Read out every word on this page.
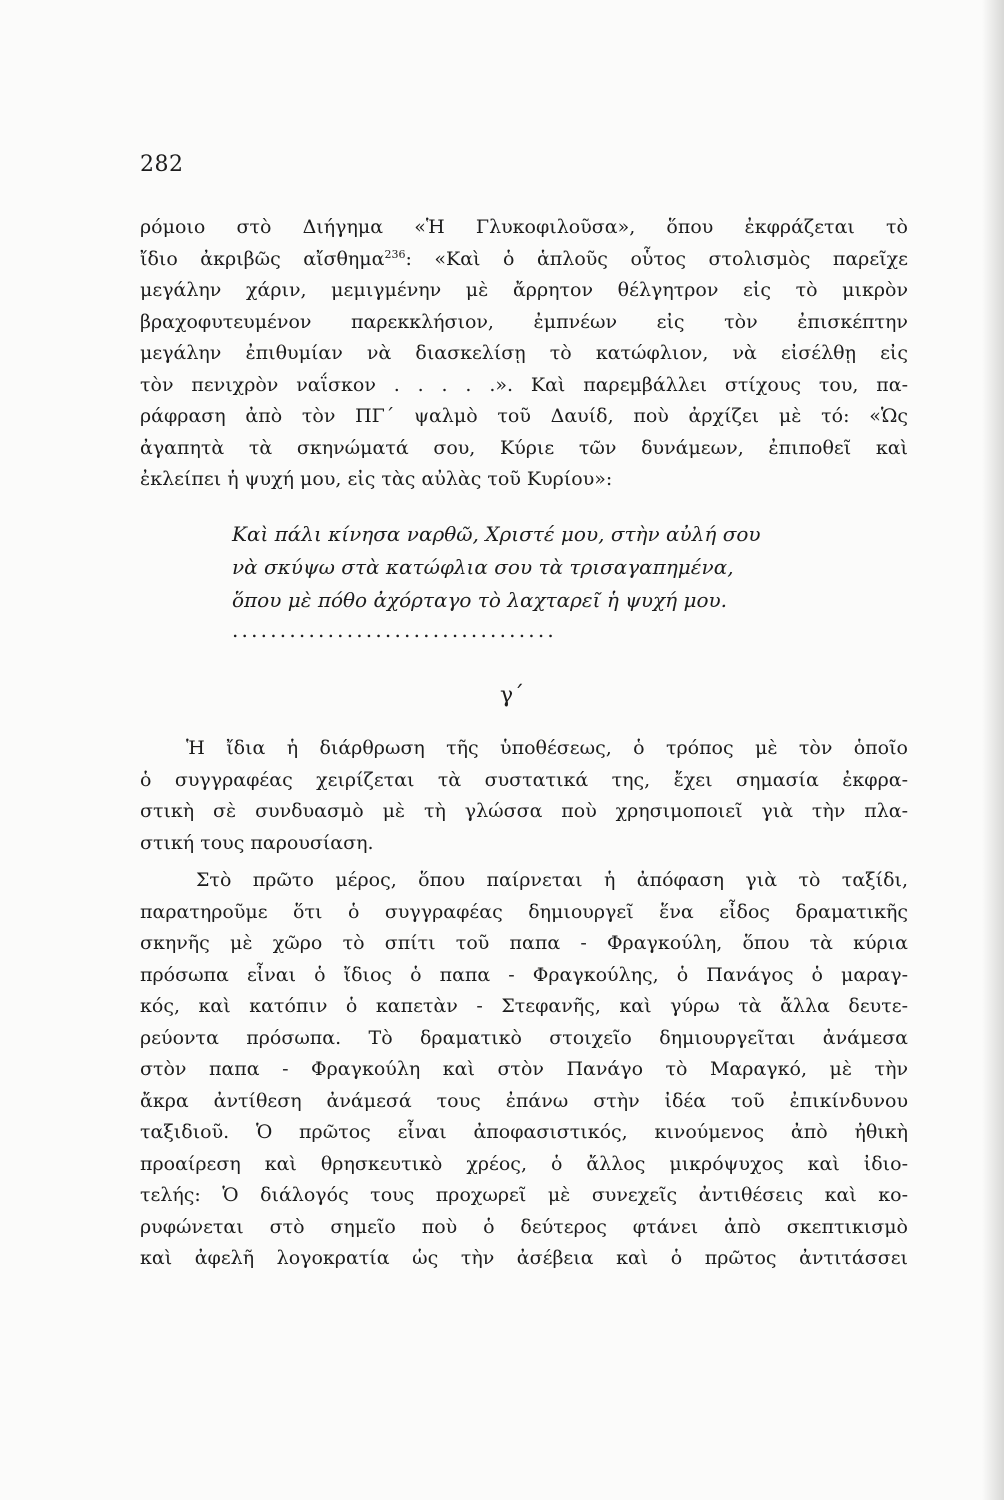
282
ρόμοιο στὸ Διήγημα «Ἡ Γλυκοφιλοῦσα», ὅπου ἐκφράζεται τὸ
ἴδιο ἀκριβῶς αἴσθημα$^{236}$: «Καὶ ὁ ἁπλοῦς οὗτος στολισμὸς παρεῖχε
μεγάλην χάριν, μεμιγμένην μὲ ἄρρητον θέλγητρον εἰς τὸ μικρὸν
βραχοφυτευμένον παρεκκλήσιον, ἐμπνέων εἰς τὸν ἐπισκέπτην
μεγάλην ἐπιθυμίαν νὰ διασκελίσῃ τὸ κατώφλιον, νὰ εἰσέλθῃ εἰς
τὸν πενιχρὸν ναΐσκον . . . . .». Καὶ παρεμβάλλει στίχους του, πα-
ράφραση ἀπὸ τὸν ΠΓ΄ ψαλμὸ τοῦ Δαυίδ, ποὺ ἀρχίζει μὲ τό: «Ὡς
ἀγαπητὰ τὰ σκηνώματά σου, Κύριε τῶν δυνάμεων, ἐπιποθεῖ καὶ
ἐκλείπει ἡ ψυχή μου, εἰς τὰς αὐλὰς τοῦ Κυρίου»:
Καὶ πάλι κίνησα ναρθῶ, Χριστέ μου, στὴν αὐλή σου
νὰ σκύψω στὰ κατώφλια σου τὰ τρισαγαπημένα,
ὅπου μὲ πόθο ἀχόρταγο τὸ λαχταρεῖ ἡ ψυχή μου.
..................................
γ΄
Ἡ ἴδια ἡ διάρθρωση τῆς ὑποθέσεως, ὁ τρόπος μὲ τὸν ὁποῖο
ὁ συγγραφέας χειρίζεται τὰ συστατικά της, ἔχει σημασία ἐκφρα-
στικὴ σὲ συνδυασμὸ μὲ τὴ γλώσσα ποὺ χρησιμοποιεῖ γιὰ τὴν πλα-
στική τους παρουσίαση.
Στὸ πρῶτο μέρος, ὅπου παίρνεται ἡ ἀπόφαση γιὰ τὸ ταξίδι,
παρατηροῦμε ὅτι ὁ συγγραφέας δημιουργεῖ ἕνα εἶδος δραματικῆς
σκηνῆς μὲ χῶρο τὸ σπίτι τοῦ παπα - Φραγκούλη, ὅπου τὰ κύρια
πρόσωπα εἶναι ὁ ἴδιος ὁ παπα - Φραγκούλης, ὁ Πανάγος ὁ μαραγ-
κός, καὶ κατόπιν ὁ καπετὰν - Στεφανῆς, καὶ γύρω τὰ ἄλλα δευτε-
ρεύοντα πρόσωπα. Τὸ δραματικὸ στοιχεῖο δημιουργεῖται ἀνάμεσα
στὸν παπα - Φραγκούλη καὶ στὸν Πανάγο τὸ Μαραγκό, μὲ τὴν
ἄκρα ἀντίθεση ἀνάμεσά τους ἐπάνω στὴν ἰδέα τοῦ ἐπικίνδυνου
ταξιδιοῦ. Ὁ πρῶτος εἶναι ἀποφασιστικός, κινούμενος ἀπὸ ἠθικὴ
προαίρεση καὶ θρησκευτικὸ χρέος, ὁ ἄλλος μικρόψυχος καὶ ἰδιο-
τελής: Ὁ διάλογός τους προχωρεῖ μὲ συνεχεῖς ἀντιθέσεις καὶ κο-
ρυφώνεται στὸ σημεῖο ποὺ ὁ δεύτερος φτάνει ἀπὸ σκεπτικισμὸ
καὶ ἀφελῆ λογοκρατία ὡς τὴν ἀσέβεια καὶ ὁ πρῶτος ἀντιτάσσει
